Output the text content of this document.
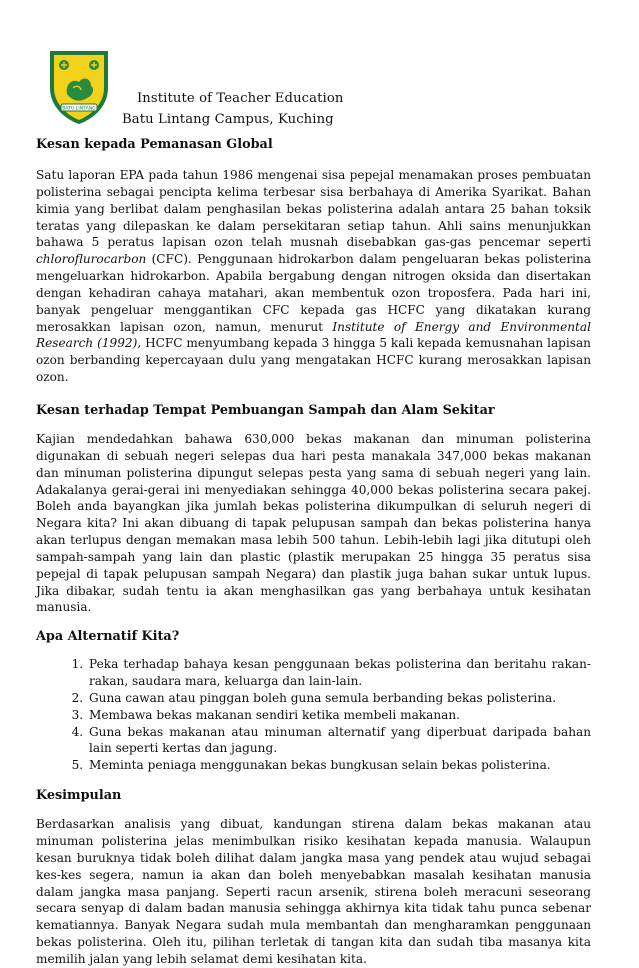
BATU LINTANG
Institute of Teacher Education
Batu Lintang Campus, Kuching
Kesan kepada Pemanasan Global

Satu laporan EPA pada tahun 1986 mengenai sisa pepejal menamakan proses pembuatan polisterina sebagai pencipta kelima terbesar sisa berbahaya di Amerika Syarikat. Bahan kimia yang berlibat dalam penghasilan bekas polisterina adalah antara 25 bahan toksik teratas yang dilepaskan ke dalam persekitaran setiap tahun. Ahli sains menunjukkan bahawa 5 peratus lapisan ozon telah musnah disebabkan gas-gas pencemar seperti chloroflurocarbon (CFC). Penggunaan hidrokarbon dalam pengeluaran bekas polisterina mengeluarkan hidrokarbon. Apabila bergabung dengan nitrogen oksida dan disertakan dengan kehadiran cahaya matahari, akan membentuk ozon troposfera. Pada hari ini, banyak pengeluar menggantikan CFC kepada gas HCFC yang dikatakan kurang merosakkan lapisan ozon, namun, menurut Institute of Energy and Environmental Research (1992), HCFC menyumbang kepada 3 hingga 5 kali kepada kemusnahan lapisan ozon berbanding kepercayaan dulu yang mengatakan HCFC kurang merosakkan lapisan ozon.

Kesan terhadap Tempat Pembuangan Sampah dan Alam Sekitar

Kajian mendedahkan bahawa 630,000 bekas makanan dan minuman polisterina digunakan di sebuah negeri selepas dua hari pesta manakala 347,000 bekas makanan dan minuman polisterina dipungut selepas pesta yang sama di sebuah negeri yang lain. Adakalanya gerai-gerai ini menyediakan sehingga 40,000 bekas polisterina secara pakej. Boleh anda bayangkan jika jumlah bekas polisterina dikumpulkan di seluruh negeri di Negara kita? Ini akan dibuang di tapak pelupusan sampah dan bekas polisterina hanya akan terlupus dengan memakan masa lebih 500 tahun. Lebih-lebih lagi jika ditutupi oleh sampah-sampah yang lain dan plastic (plastik merupakan 25 hingga 35 peratus sisa pepejal di tapak pelupusan sampah Negara) dan plastik juga bahan sukar untuk lupus. Jika dibakar, sudah tentu ia akan menghasilkan gas yang berbahaya untuk kesihatan manusia.

Apa Alternatif Kita?
1. Peka terhadap bahaya kesan penggunaan bekas polisterina dan beritahu rakan-rakan, saudara mara, keluarga dan lain-lain.
2. Guna cawan atau pinggan boleh guna semula berbanding bekas polisterina.
3. Membawa bekas makanan sendiri ketika membeli makanan.
4. Guna bekas makanan atau minuman alternatif yang diperbuat daripada bahan lain seperti kertas dan jagung.
5. Meminta peniaga menggunakan bekas bungkusan selain bekas polisterina.
Kesimpulan

Berdasarkan analisis yang dibuat, kandungan stirena dalam bekas makanan atau minuman polisterina jelas menimbulkan risiko kesihatan kepada manusia. Walaupun kesan buruknya tidak boleh dilihat dalam jangka masa yang pendek atau wujud sebagai kes-kes segera, namun ia akan dan boleh menyebabkan masalah kesihatan manusia dalam jangka masa panjang. Seperti racun arsenik, stirena boleh meracuni seseorang secara senyap di dalam badan manusia sehingga akhirnya kita tidak tahu punca sebenar kematiannya. Banyak Negara sudah mula membantah dan mengharamkan penggunaan bekas polisterina. Oleh itu, pilihan terletak di tangan kita dan sudah tiba masanya kita memilih jalan yang lebih selamat demi kesihatan kita.
